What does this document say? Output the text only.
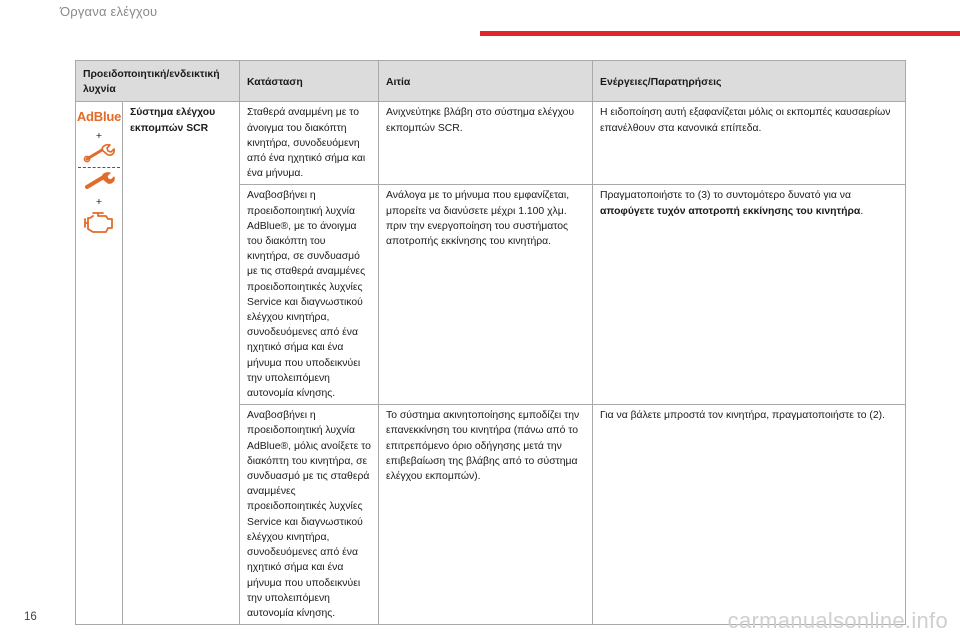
Όργανα ελέγχου
Προειδοποιητική/ενδεικτική λυχνία		Κατάσταση	Αιτία	Ενέργειες/Παρατηρήσεις

AdBlue
+
+	Σύστημα ελέγχου εκπομπών SCR	Σταθερά αναμμένη με το άνοιγμα του διακόπτη κινητήρα, συνοδευόμενη από ένα ηχητικό σήμα και ένα μήνυμα.	Ανιχνεύτηκε βλάβη στο σύστημα ελέγχου εκπομπών SCR.	Η ειδοποίηση αυτή εξαφανίζεται μόλις οι εκπομπές καυσαερίων επανέλθουν στα κανονικά επίπεδα.
		Αναβοσβήνει η προειδοποιητική λυχνία AdBlue®, με το άνοιγμα του διακόπτη του κινητήρα, σε συνδυασμό με τις σταθερά αναμμένες προειδοποιητικές λυχνίες Service και διαγνωστικού ελέγχου κινητήρα, συνοδευόμενες από ένα ηχητικό σήμα και ένα μήνυμα που υποδεικνύει την υπολειπόμενη αυτονομία κίνησης.	Ανάλογα με το μήνυμα που εμφανίζεται, μπορείτε να διανύσετε μέχρι 1.100 χλμ. πριν την ενεργοποίηση του συστήματος αποτροπής εκκίνησης του κινητήρα.	Πραγματοποιήστε το (3) το συντομότερο δυνατό για να αποφύγετε τυχόν αποτροπή εκκίνησης του κινητήρα.
		Αναβοσβήνει η προειδοποιητική λυχνία AdBlue®, μόλις ανοίξετε το διακόπτη του κινητήρα, σε συνδυασμό με τις σταθερά αναμμένες προειδοποιητικές λυχνίες Service και διαγνωστικού ελέγχου κινητήρα, συνοδευόμενες από ένα ηχητικό σήμα και ένα μήνυμα που υποδεικνύει την υπολειπόμενη αυτονομία κίνησης.	Το σύστημα ακινητοποίησης εμποδίζει την επανεκκίνηση του κινητήρα (πάνω από το επιτρεπόμενο όριο οδήγησης μετά την επιβεβαίωση της βλάβης από το σύστημα ελέγχου εκπομπών).	Για να βάλετε μπροστά τον κινητήρα, πραγματοποιήστε το (2).
16	carmanualsonline.info
